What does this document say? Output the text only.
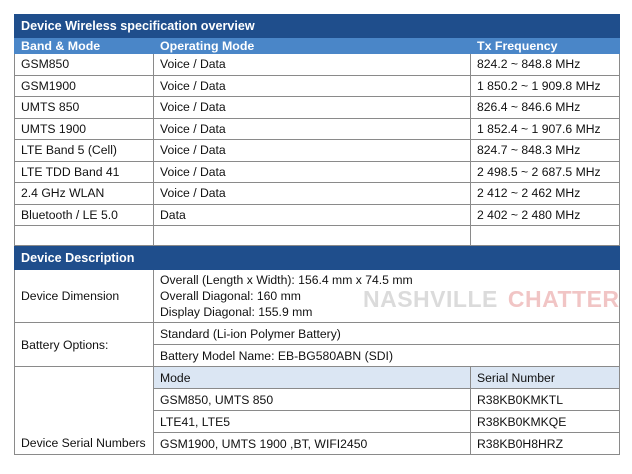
Device Wireless specification overview		
Band & Mode	Operating Mode	Tx Frequency
GSM850	Voice / Data	824.2 ~ 848.8 MHz
GSM1900	Voice / Data	1 850.2 ~ 1 909.8 MHz
UMTS 850	Voice / Data	826.4 ~ 846.6 MHz
UMTS 1900	Voice / Data	1 852.4 ~ 1 907.6 MHz
LTE Band 5 (Cell)	Voice / Data	824.7 ~ 848.3 MHz
LTE TDD Band 41	Voice / Data	2 498.5 ~ 2 687.5 MHz
2.4 GHz WLAN	Voice / Data	2 412 ~ 2 462 MHz
Bluetooth / LE 5.0	Data	2 402 ~ 2 480 MHz

Device Description		
Device Dimension	Overall (Length x Width): 156.4 mm x 74.5 mm
Overall Diagonal: 160 mm
Display Diagonal: 155.9 mm	

Battery Options:	Standard (Li-ion Polymer Battery)	
	Battery Model Name: EB-BG580ABN (SDI)	
Device Serial Numbers	Mode	Serial Number
	GSM850, UMTS 850	R38KB0KMKTL
	LTE41, LTE5	R38KB0KMKQE
	GSM1900, UMTS 1900 ,BT, WIFI2450	R38KB0H8HRZ
NASHVILLE CHATTER
